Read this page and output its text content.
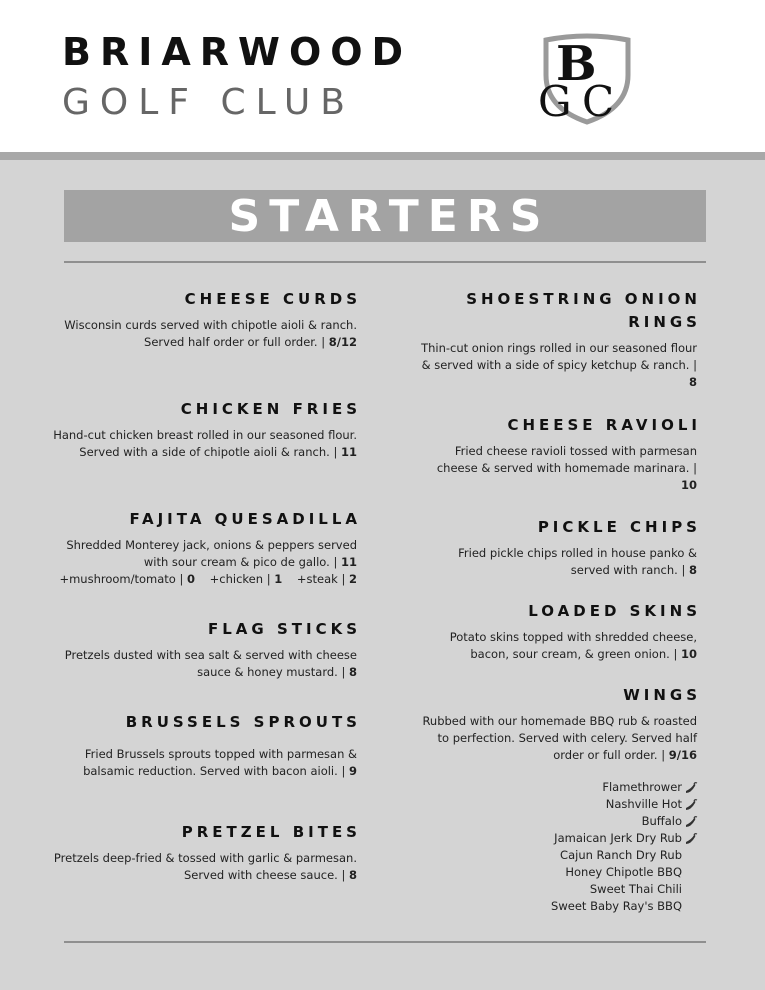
BRIARWOOD
GOLF CLUB
B
G C
STARTERS
CHEESE CURDS
Wisconsin curds served with chipotle aioli & ranch. Served half order or full order. | 8/12
CHICKEN FRIES
Hand-cut chicken breast rolled in our seasoned flour. Served with a side of chipotle aioli & ranch. | 11
FAJITA QUESADILLA
Shredded Monterey jack, onions & peppers served with sour cream & pico de gallo. | 11
+mushroom/tomato | 0 +chicken | 1 +steak | 2
FLAG STICKS
Pretzels dusted with sea salt & served with cheese sauce & honey mustard. | 8
BRUSSELS SPROUTS
Fried Brussels sprouts topped with parmesan & balsamic reduction. Served with bacon aioli. | 9
PRETZEL BITES
Pretzels deep-fried & tossed with garlic & parmesan. Served with cheese sauce. | 8
SHOESTRING ONION
RINGS
Thin-cut onion rings rolled in our seasoned flour & served with a side of spicy ketchup & ranch. | 8
CHEESE RAVIOLI
Fried cheese ravioli tossed with parmesan cheese & served with homemade marinara. | 10
PICKLE CHIPS
Fried pickle chips rolled in house panko & served with ranch. | 8
LOADED SKINS
Potato skins topped with shredded cheese, bacon, sour cream, & green onion. | 10
WINGS
Rubbed with our homemade BBQ rub & roasted to perfection. Served with celery. Served half order or full order. | 9/16
Flamethrower
Nashville Hot
Buffalo
Jamaican Jerk Dry Rub
Cajun Ranch Dry Rub
Honey Chipotle BBQ
Sweet Thai Chili
Sweet Baby Ray's BBQ
